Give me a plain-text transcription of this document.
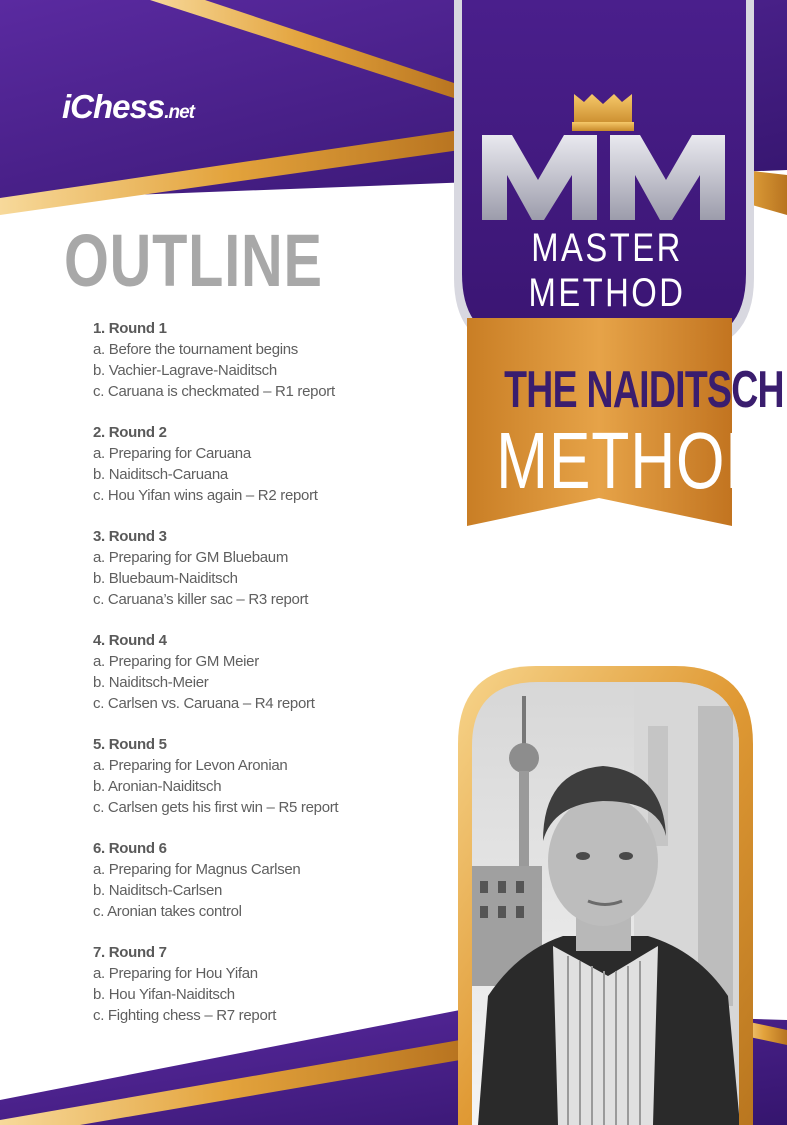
iChess.net
MASTER METHOD
THE NAIDITSCH
METHOD
OUTLINE
1. Round 1
a. Before the tournament begins
b. Vachier-Lagrave-Naiditsch
c. Caruana is checkmated – R1 report
2. Round 2
a. Preparing for Caruana
b. Naiditsch-Caruana
c. Hou Yifan wins again – R2 report
3. Round 3
a. Preparing for GM Bluebaum
b. Bluebaum-Naiditsch
c. Caruana’s killer sac – R3 report
4. Round 4
a. Preparing for GM Meier
b. Naiditsch-Meier
c. Carlsen vs. Caruana – R4 report
5. Round 5
a. Preparing for Levon Aronian
b. Aronian-Naiditsch
c. Carlsen gets his first win – R5 report
6. Round 6
a. Preparing for Magnus Carlsen
b. Naiditsch-Carlsen
c. Aronian takes control
7. Round 7
a. Preparing for Hou Yifan
b. Hou Yifan-Naiditsch
c. Fighting chess – R7 report
